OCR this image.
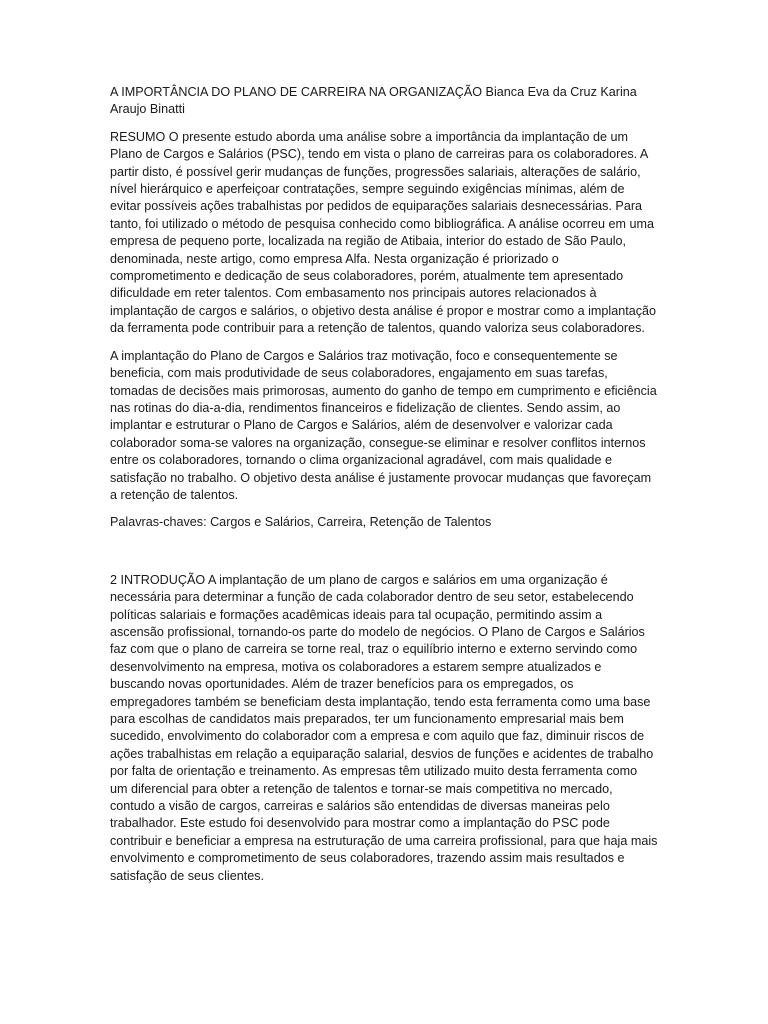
A IMPORTÂNCIA DO PLANO DE CARREIRA NA ORGANIZAÇÃO Bianca Eva da Cruz Karina Araujo Binatti

RESUMO O presente estudo aborda uma análise sobre a importância da implantação de um Plano de Cargos e Salários (PSC), tendo em vista o plano de carreiras para os colaboradores. A partir disto, é possível gerir mudanças de funções, progressões salariais, alterações de salário, nível hierárquico e aperfeiçoar contratações, sempre seguindo exigências mínimas, além de evitar possíveis ações trabalhistas por pedidos de equiparações salariais desnecessárias. Para tanto, foi utilizado o método de pesquisa conhecido como bibliográfica. A análise ocorreu em uma empresa de pequeno porte, localizada na região de Atibaia, interior do estado de São Paulo, denominada, neste artigo, como empresa Alfa. Nesta organização é priorizado o comprometimento e dedicação de seus colaboradores, porém, atualmente tem apresentado dificuldade em reter talentos. Com embasamento nos principais autores relacionados à implantação de cargos e salários, o objetivo desta análise é propor e mostrar como a implantação da ferramenta pode contribuir para a retenção de talentos, quando valoriza seus colaboradores.

A implantação do Plano de Cargos e Salários traz motivação, foco e consequentemente se beneficia, com mais produtividade de seus colaboradores, engajamento em suas tarefas, tomadas de decisões mais primorosas, aumento do ganho de tempo em cumprimento e eficiência nas rotinas do dia-a-dia, rendimentos financeiros e fidelização de clientes. Sendo assim, ao implantar e estruturar o Plano de Cargos e Salários, além de desenvolver e valorizar cada colaborador soma-se valores na organização, consegue-se eliminar e resolver conflitos internos entre os colaboradores, tornando o clima organizacional agradável, com mais qualidade e satisfação no trabalho. O objetivo desta análise é justamente provocar mudanças que favoreçam a retenção de talentos.

Palavras-chaves: Cargos e Salários, Carreira, Retenção de Talentos

2 INTRODUÇÃO A implantação de um plano de cargos e salários em uma organização é necessária para determinar a função de cada colaborador dentro de seu setor, estabelecendo políticas salariais e formações acadêmicas ideais para tal ocupação, permitindo assim a ascensão profissional, tornando-os parte do modelo de negócios. O Plano de Cargos e Salários faz com que o plano de carreira se torne real, traz o equilíbrio interno e externo servindo como desenvolvimento na empresa, motiva os colaboradores a estarem sempre atualizados e buscando novas oportunidades. Além de trazer benefícios para os empregados, os empregadores também se beneficiam desta implantação, tendo esta ferramenta como uma base para escolhas de candidatos mais preparados, ter um funcionamento empresarial mais bem sucedido, envolvimento do colaborador com a empresa e com aquilo que faz, diminuir riscos de ações trabalhistas em relação a equiparação salarial, desvios de funções e acidentes de trabalho por falta de orientação e treinamento. As empresas têm utilizado muito desta ferramenta como um diferencial para obter a retenção de talentos e tornar-se mais competitiva no mercado, contudo a visão de cargos, carreiras e salários são entendidas de diversas maneiras pelo trabalhador. Este estudo foi desenvolvido para mostrar como a implantação do PSC pode contribuir e beneficiar a empresa na estruturação de uma carreira profissional, para que haja mais envolvimento e comprometimento de seus colaboradores, trazendo assim mais resultados e satisfação de seus clientes.
